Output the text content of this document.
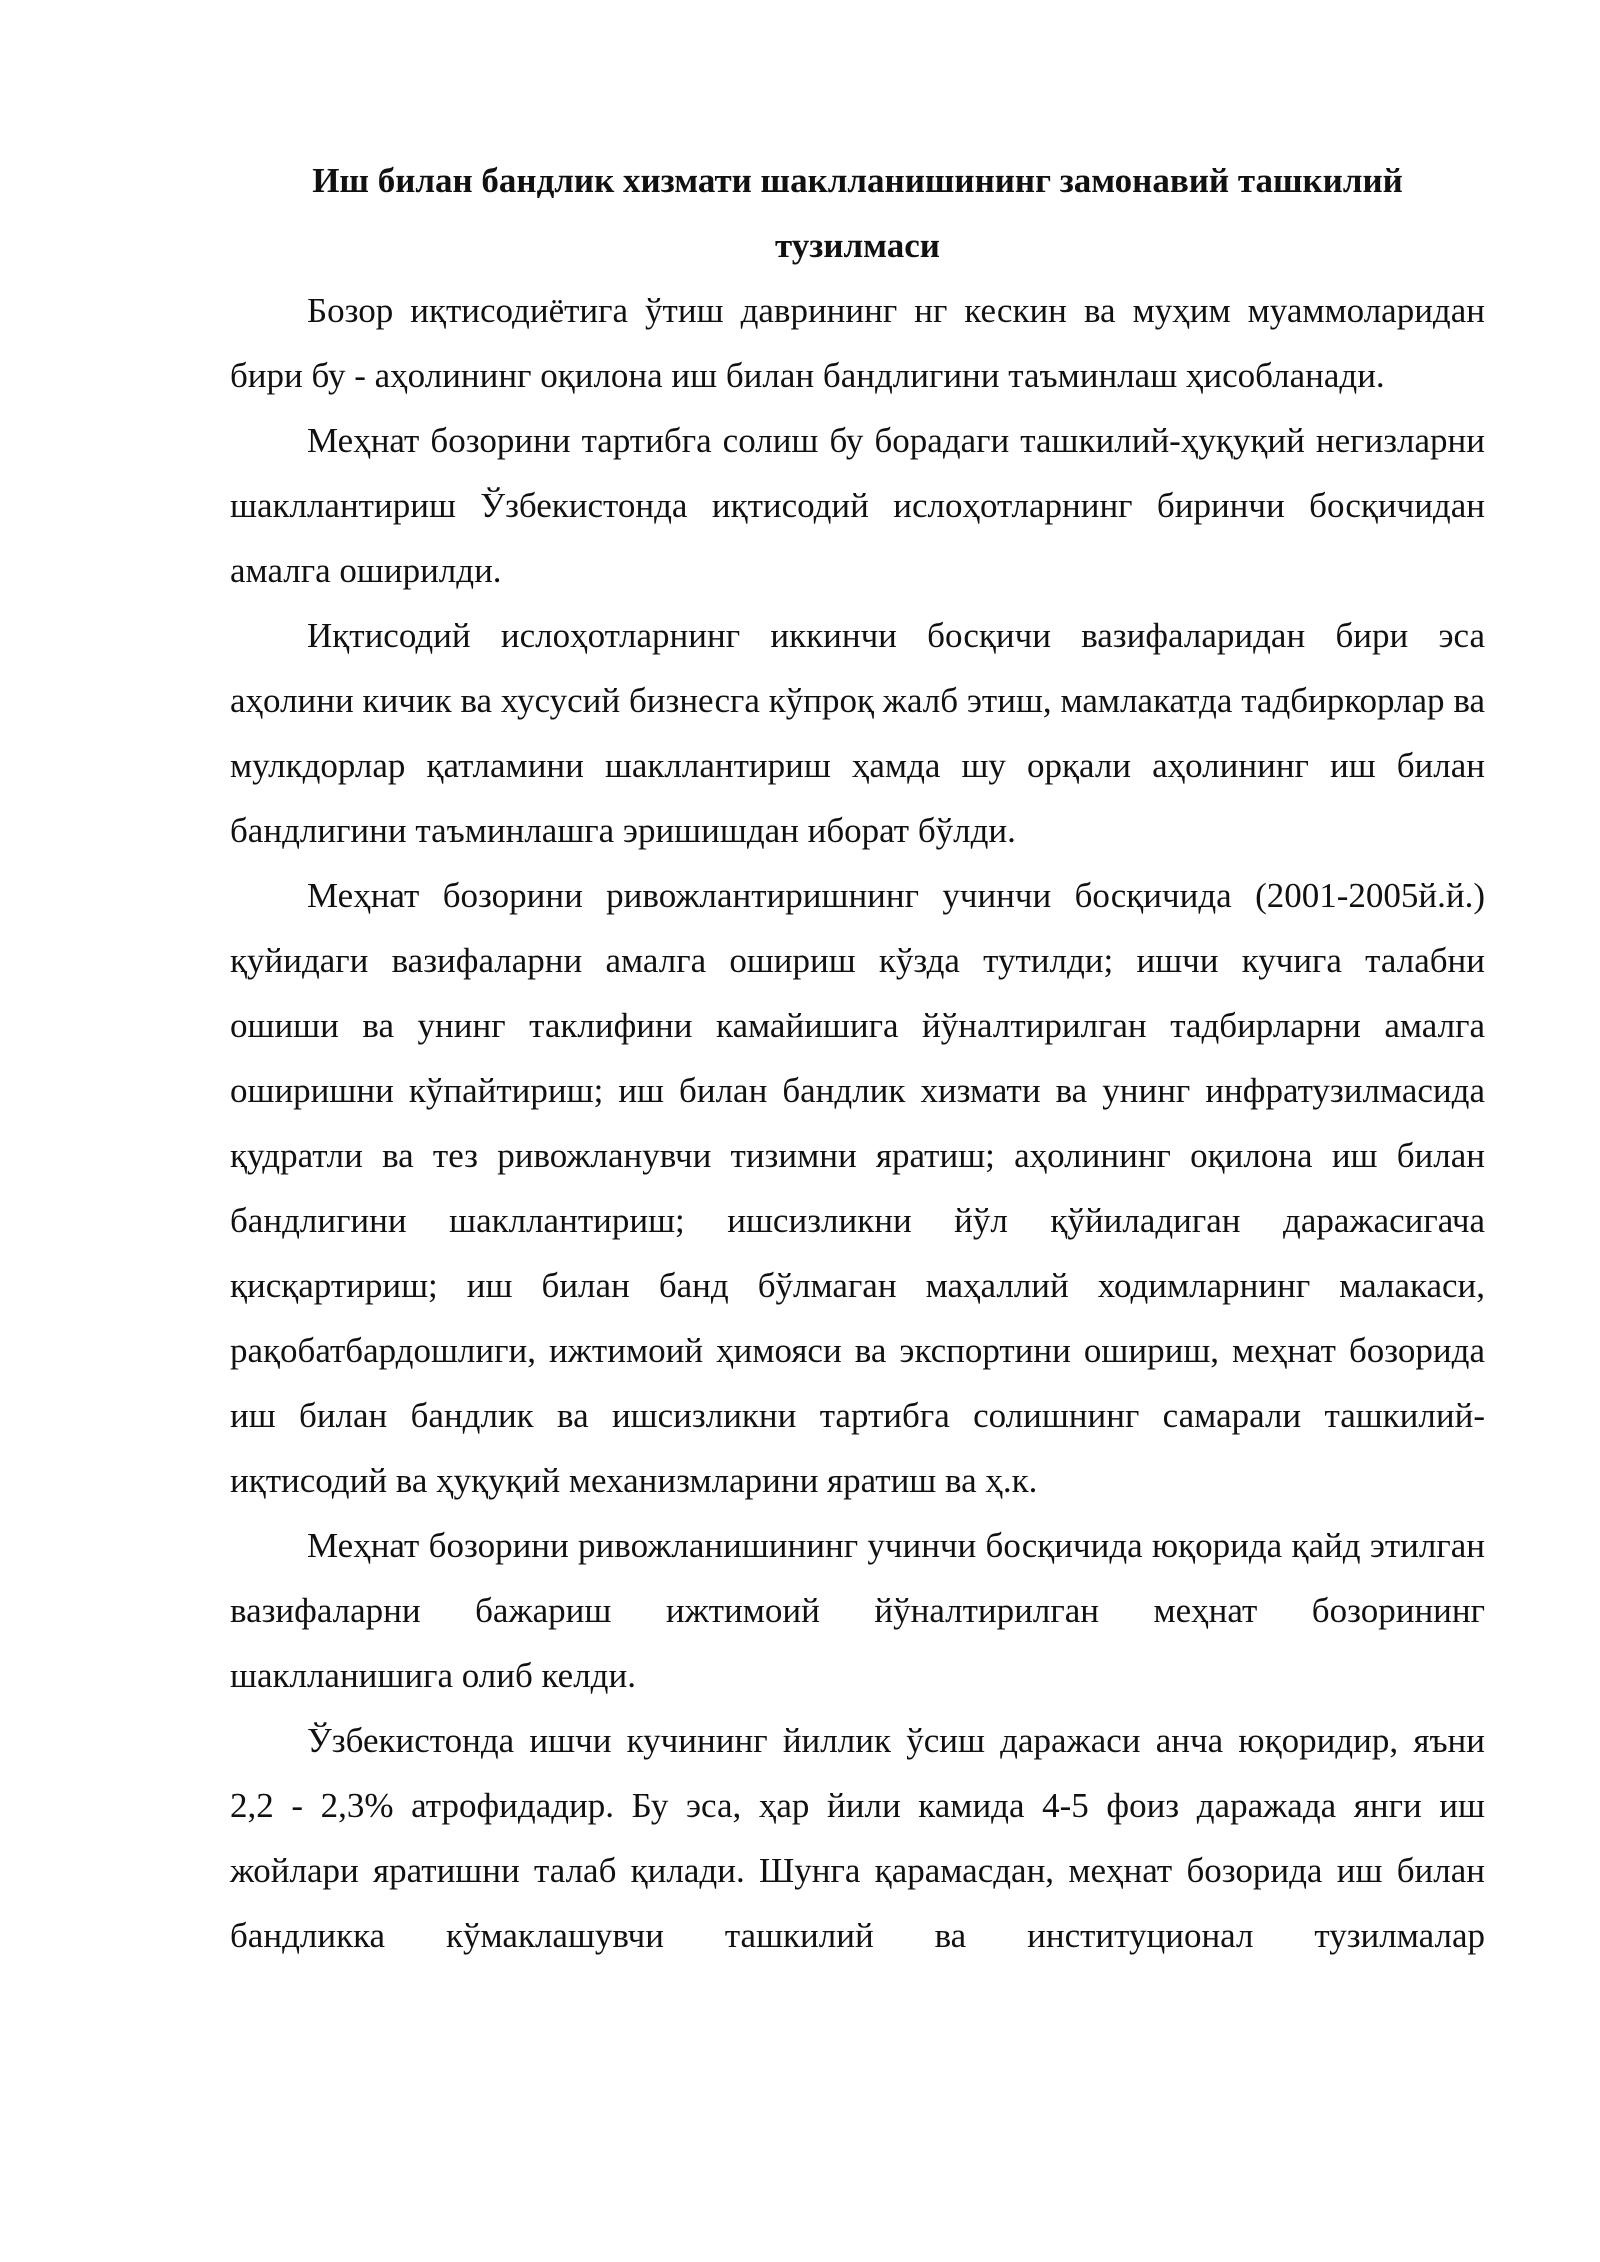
Иш билан бандлик хизмати шаклланишининг замонавий ташкилий тузилмаси

Бозор иқтисодиётига ўтиш даврининг нг кескин ва муҳим муаммоларидан бири бу - аҳолининг оқилона иш билан бандлигини таъминлаш ҳисобланади.

Меҳнат бозорини тартибга солиш бу борадаги ташкилий-ҳуқуқий негизларни шакллантириш Ўзбекистонда иқтисодий ислоҳотларнинг биринчи босқичидан амалга оширилди.

Иқтисодий ислоҳотларнинг иккинчи босқичи вазифаларидан бири эса аҳолини кичик ва хусусий бизнесга кўпроқ жалб этиш, мамлакатда тадбиркорлар ва мулкдорлар қатламини шакллантириш ҳамда шу орқали аҳолининг иш билан бандлигини таъминлашга эришишдан иборат бўлди.

Меҳнат бозорини ривожлантиришнинг учинчи босқичида (2001-2005й.й.) қуйидаги вазифаларни амалга ошириш кўзда тутилди; ишчи кучига талабни ошиши ва унинг таклифини камайишига йўналтирилган тадбирларни амалга оширишни кўпайтириш; иш билан бандлик хизмати ва унинг инфратузилмасида қудратли ва тез ривожланувчи тизимни яратиш; аҳолининг оқилона иш билан бандлигини шакллантириш; ишсизликни йўл қўйиладиган даражасигача қисқартириш; иш билан банд бўлмаган маҳаллий ходимларнинг малакаси, рақобатбардошлиги, ижтимоий ҳимояси ва экспортини ошириш, меҳнат бозорида иш билан бандлик ва ишсизликни тартибга солишнинг самарали ташкилий-иқтисодий ва ҳуқуқий механизмларини яратиш ва ҳ.к.

Меҳнат бозорини ривожланишининг учинчи босқичида юқорида қайд этилган вазифаларни бажариш ижтимоий йўналтирилган меҳнат бозорининг шаклланишига олиб келди.

Ўзбекистонда ишчи кучининг йиллик ўсиш даражаси анча юқоридир, яъни 2,2 - 2,3% атрофидадир. Бу эса, ҳар йили камида 4-5 фоиз даражада янги иш жойлари яратишни талаб қилади. Шунга қарамасдан, меҳнат бозорида иш билан бандликка кўмаклашувчи ташкилий ва институционал тузилмалар
